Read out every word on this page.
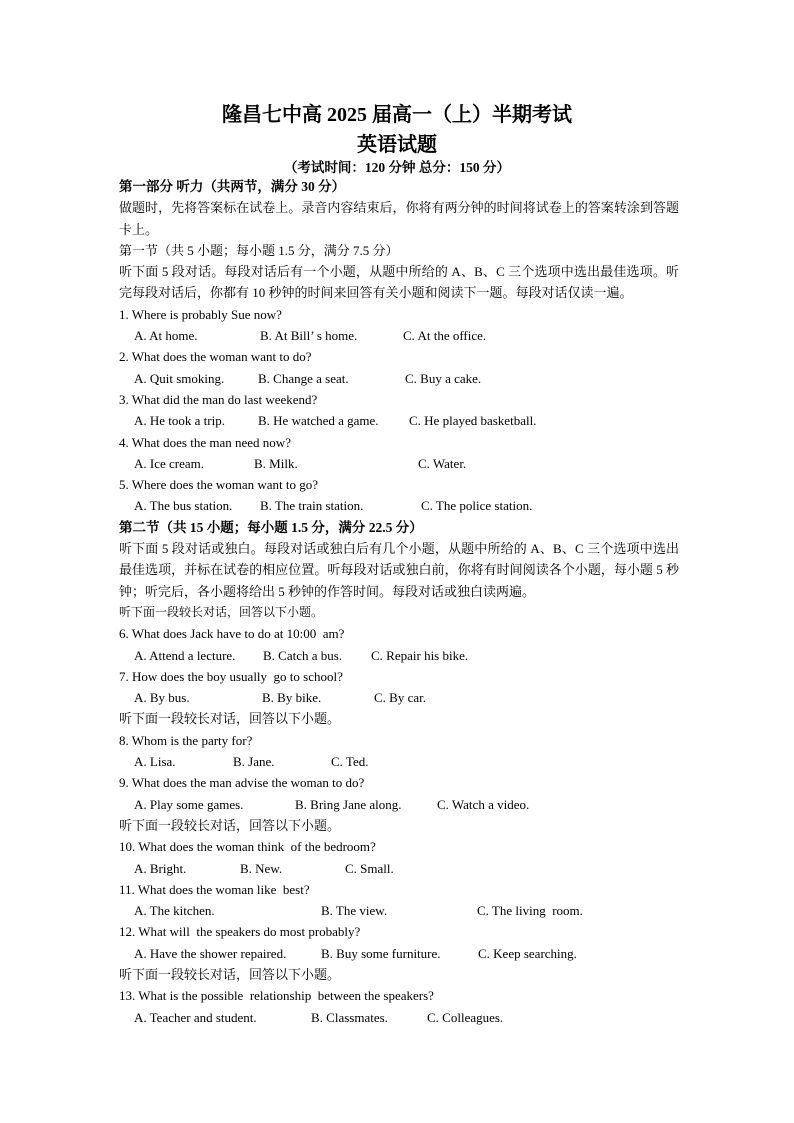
隆昌七中高 2025 届高一（上）半期考试
英语试题
（考试时间：120 分钟 总分：150 分）
第一部分 听力（共两节，满分 30 分）
做题时，先将答案标在试卷上。录音内容结束后，你将有两分钟的时间将试卷上的答案转涂到答题卡上。
第一节（共 5 小题；每小题 1.5 分，满分 7.5 分）
听下面 5 段对话。每段对话后有一个小题，从题中所给的 A、B、C 三个选项中选出最佳选项。听完每段对话后，你都有 10 秒钟的时间来回答有关小题和阅读下一题。每段对话仅读一遍。
1. Where is probably Sue now?
A. At home.	B. At Bill’ s home.	C. At the office.
2. What does the woman want to do?
A. Quit smoking.	B. Change a seat.	C. Buy a cake.
3. What did the man do last weekend?
A. He took a trip.	B. He watched a game. C. He played basketball.
4. What does the man need now?
A. Ice cream.	B. Milk.	C. Water.
5. Where does the woman want to go?
A. The bus station. B. The train station.	C. The police station.
第二节（共 15 小题；每小题 1.5 分，满分 22.5 分）
听下面 5 段对话或独白。每段对话或独白后有几个小题，从题中所给的 A、B、C 三个选项中选出最佳选项，并标在试卷的相应位置。听每段对话或独白前，你将有时间阅读各个小题，每小题 5 秒钟；听完后，各小题将给出 5 秒钟的作答时间。每段对话或独白读两遍。
听下面一段较长对话，回答以下小题。
6. What does Jack have to do at 10:00  am?
A. Attend a lecture. B. Catch a bus. C. Repair his bike.
7. How does the boy usually  go to school?
A. By bus.	B. By bike.	C. By car.
听下面一段较长对话，回答以下小题。
8. Whom is the party for?
A. Lisa.	B. Jane.	C. Ted.
9. What does the man advise the woman to do?
A. Play some games.	B. Bring Jane along.	C. Watch a video.
听下面一段较长对话，回答以下小题。
10. What does the woman think  of the bedroom?
A. Bright.	B. New.	C. Small.
11. What does the woman like  best?
A. The kitchen.	B. The view.	C. The living  room.
12. What will  the speakers do most probably?
A. Have the shower repaired.	B. Buy some furniture.	C. Keep searching.
听下面一段较长对话，回答以下小题。
13. What is the possible  relationship  between the speakers?
A. Teacher and student.	B. Classmates.	C. Colleagues.
